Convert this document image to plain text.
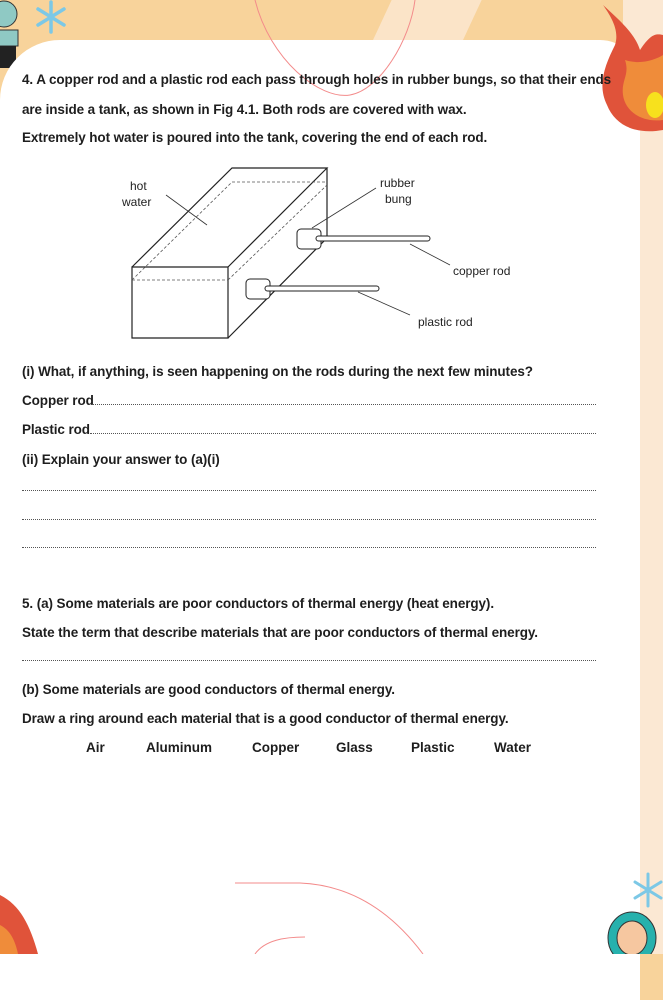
4. A copper rod and a plastic rod each pass through holes in rubber bungs, so that their ends
are inside a tank, as shown in Fig 4.1. Both rods are covered with wax.
Extremely hot water is poured into the tank, covering the end of each rod.
hot
water
rubber
bung
copper rod
plastic rod
(i) What, if anything, is seen happening on the rods during the next few minutes?
Copper rod
Plastic rod
(ii) Explain your answer to (a)(i)
5. (a) Some materials are poor conductors of thermal energy (heat energy).
State the term that describe materials that are poor conductors of thermal energy.
(b) Some materials are good conductors of thermal energy.
Draw a ring around each material that is a good conductor of thermal energy.
Air	Aluminum	Copper	Glass	Plastic	Water
